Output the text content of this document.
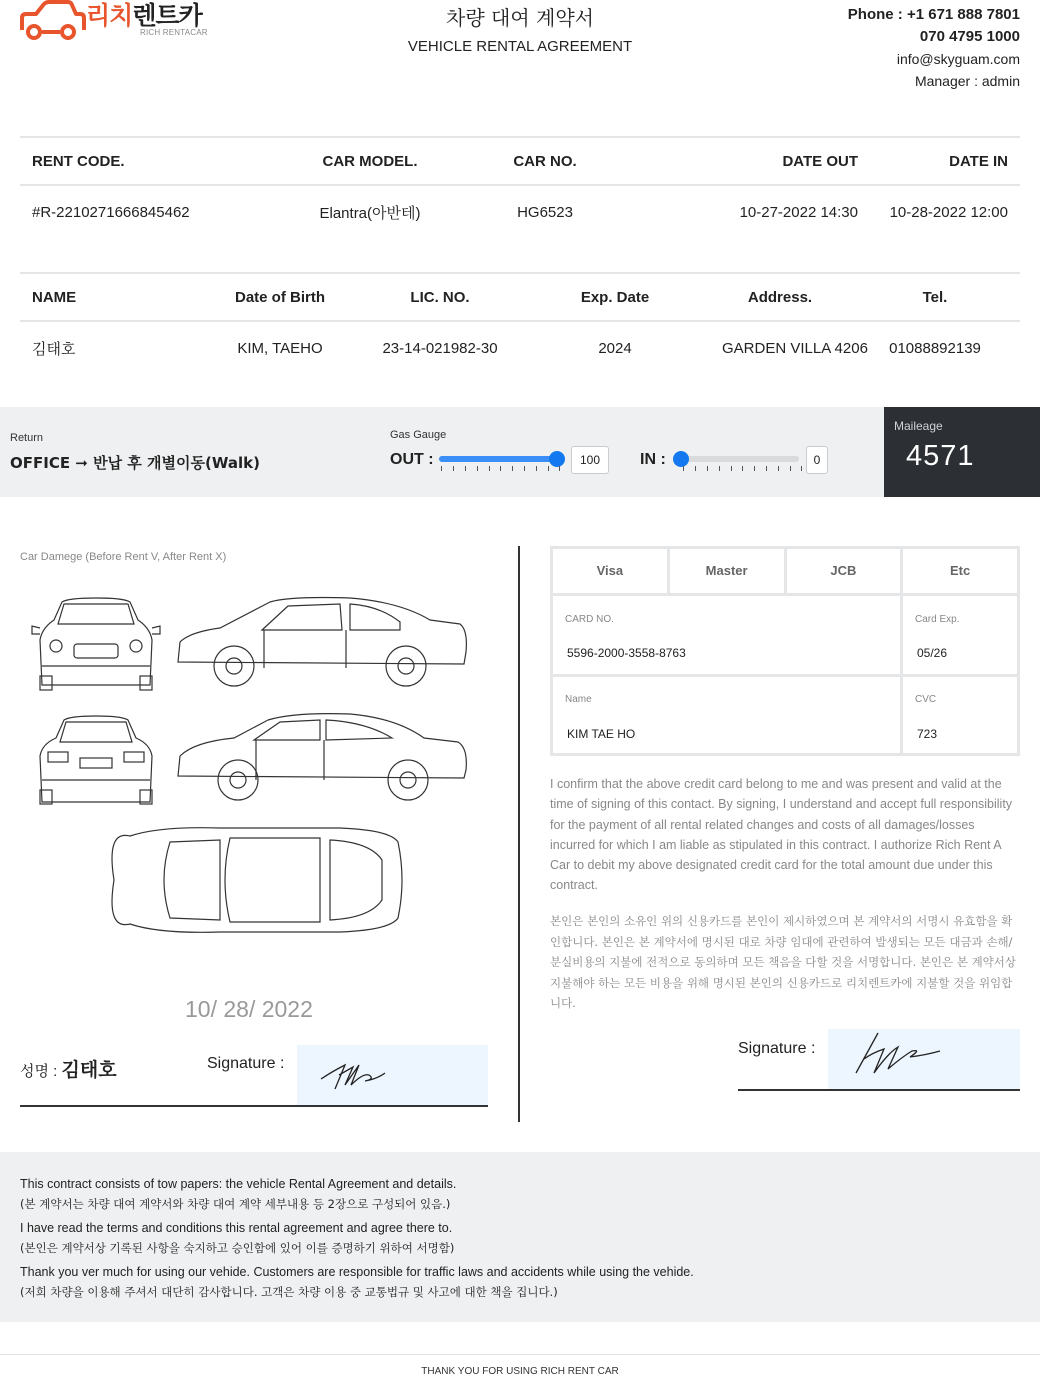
리치렌트카
RICH RENTACAR
차량 대여 계약서
VEHICLE RENTAL AGREEMENT
Phone : +1 671 888 7801
070 4795 1000
info@skyguam.com
Manager : admin
RENT CODE.	CAR MODEL.	CAR NO.	DATE OUT	DATE IN
#R-2210271666845462	Elantra(아반테)	HG6523	10-27-2022 14:30	10-28-2022 12:00
NAME	Date of Birth	LIC. NO.	Exp. Date	Address.	Tel.
김태호	KIM, TAEHO	23-14-021982-30	2024	GARDEN VILLA 4206	01088892139
Return
OFFICE ➞ 반납 후 개별이동(Walk)
Gas Gauge
OUT :	100	IN :	0
Maileage
4571
Car Damege (Before Rent V, After Rent X)
10/ 28/ 2022
성명 : 김태호	Signature :
Visa	Master	JCB	Etc
CARD NO.
5596-2000-3558-8763
Card Exp.
05/26
Name
KIM TAE HO
CVC
723
I confirm that the above credit card belong to me and was present and valid at the time of signing of this contact. By signing, I understand and accept full responsibility for the payment of all rental related changes and costs of all damages/losses incurred for which I am liable as stipulated in this contract. I authorize Rich Rent A Car to debit my above designated credit card for the total amount due under this contract.
본인은 본인의 소유인 위의 신용카드를 본인이 제시하였으며 본 계약서의 서명시 유효함을 확인합니다. 본인은 본 계약서에 명시된 대로 차량 임대에 관련하여 발생되는 모든 대금과 손해/분실비용의 지불에 전적으로 동의하며 모든 책음을 다할 것을 서명합니다. 본인은 본 계약서상 지불해야 하는 모든 비용을 위해 명시된 본인의 신용카드로 리치렌트카에 지불할 것을 위임합니다.
Signature :

This contract consists of tow papers: the vehicle Rental Agreement and details.

(본 계약서는 차량 대여 계약서와 차량 대여 계약 세부내용 등 2장으로 구성되어 있음.)

I have read the terms and conditions this rental agreement and agree there to.

(본인은 계약서상 기록된 사항을 숙지하고 승인함에 있어 이를 증명하기 위하여 서명함)

Thank you ver much for using our vehide. Customers are responsible for traffic laws and accidents while using the vehide.

(저희 차량을 이용해 주셔서 대단히 감사합니다. 고객은 차량 이용 중 교통법규 및 사고에 대한 책을 집니다.)

THANK YOU FOR USING RICH RENT CAR
